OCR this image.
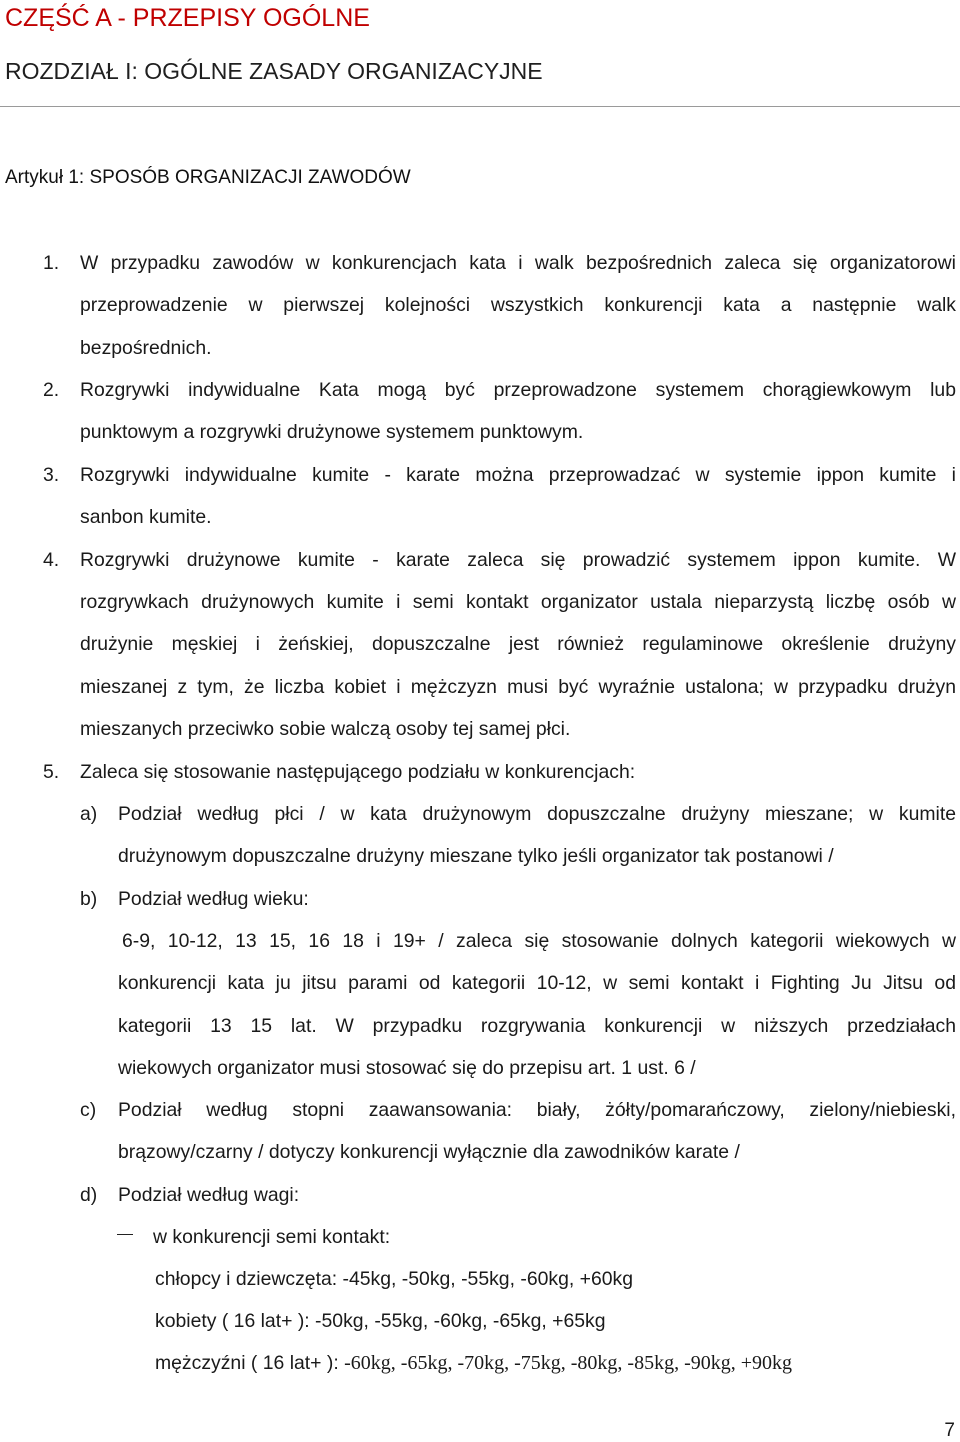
CZĘŚĆ A - PRZEPISY OGÓLNE
ROZDZIAŁ I: OGÓLNE ZASADY ORGANIZACYJNE
Artykuł 1: SPOSÓB ORGANIZACJI ZAWODÓW
1. W przypadku zawodów w konkurencjach kata i walk bezpośrednich zaleca się organizatorowi
przeprowadzenie w pierwszej kolejności wszystkich konkurencji kata a następnie walk
bezpośrednich.
2. Rozgrywki indywidualne Kata mogą być przeprowadzone systemem chorągiewkowym lub
punktowym a rozgrywki drużynowe systemem punktowym.
3. Rozgrywki indywidualne kumite - karate można przeprowadzać w systemie ippon kumite i
sanbon kumite.
4. Rozgrywki drużynowe kumite - karate zaleca się prowadzić systemem ippon kumite. W
rozgrywkach drużynowych kumite i semi kontakt organizator ustala nieparzystą liczbę osób w
drużynie męskiej i żeńskiej, dopuszczalne jest również regulaminowe określenie drużyny
mieszanej z tym, że liczba kobiet i mężczyzn musi być wyraźnie ustalona; w przypadku drużyn
mieszanych przeciwko sobie walczą osoby tej samej płci.
5. Zaleca się stosowanie następującego podziału w konkurencjach:
a) Podział według płci / w kata drużynowym dopuszczalne drużyny mieszane; w kumite
drużynowym dopuszczalne drużyny mieszane tylko jeśli organizator tak postanowi /
b) Podział według wieku:
6-9, 10-12, 13 15, 16 18 i 19+ / zaleca się stosowanie dolnych kategorii wiekowych w
konkurencji kata ju jitsu parami od kategorii 10-12, w semi kontakt i Fighting Ju Jitsu od
kategorii 13 15 lat. W przypadku rozgrywania konkurencji w niższych przedziałach
wiekowych organizator musi stosować się do przepisu art. 1 ust. 6 /
c) Podział według stopni zaawansowania: biały, żółty/pomarańczowy, zielony/niebieski,
brązowy/czarny / dotyczy konkurencji wyłącznie dla zawodników karate /
d) Podział według wagi:
w konkurencji semi kontakt:
chłopcy i dziewczęta: -45kg, -50kg, -55kg, -60kg, +60kg
kobiety ( 16 lat+ ): -50kg, -55kg, -60kg, -65kg, +65kg
mężczyźni ( 16 lat+ ): -60kg, -65kg, -70kg, -75kg, -80kg, -85kg, -90kg, +90kg
7
